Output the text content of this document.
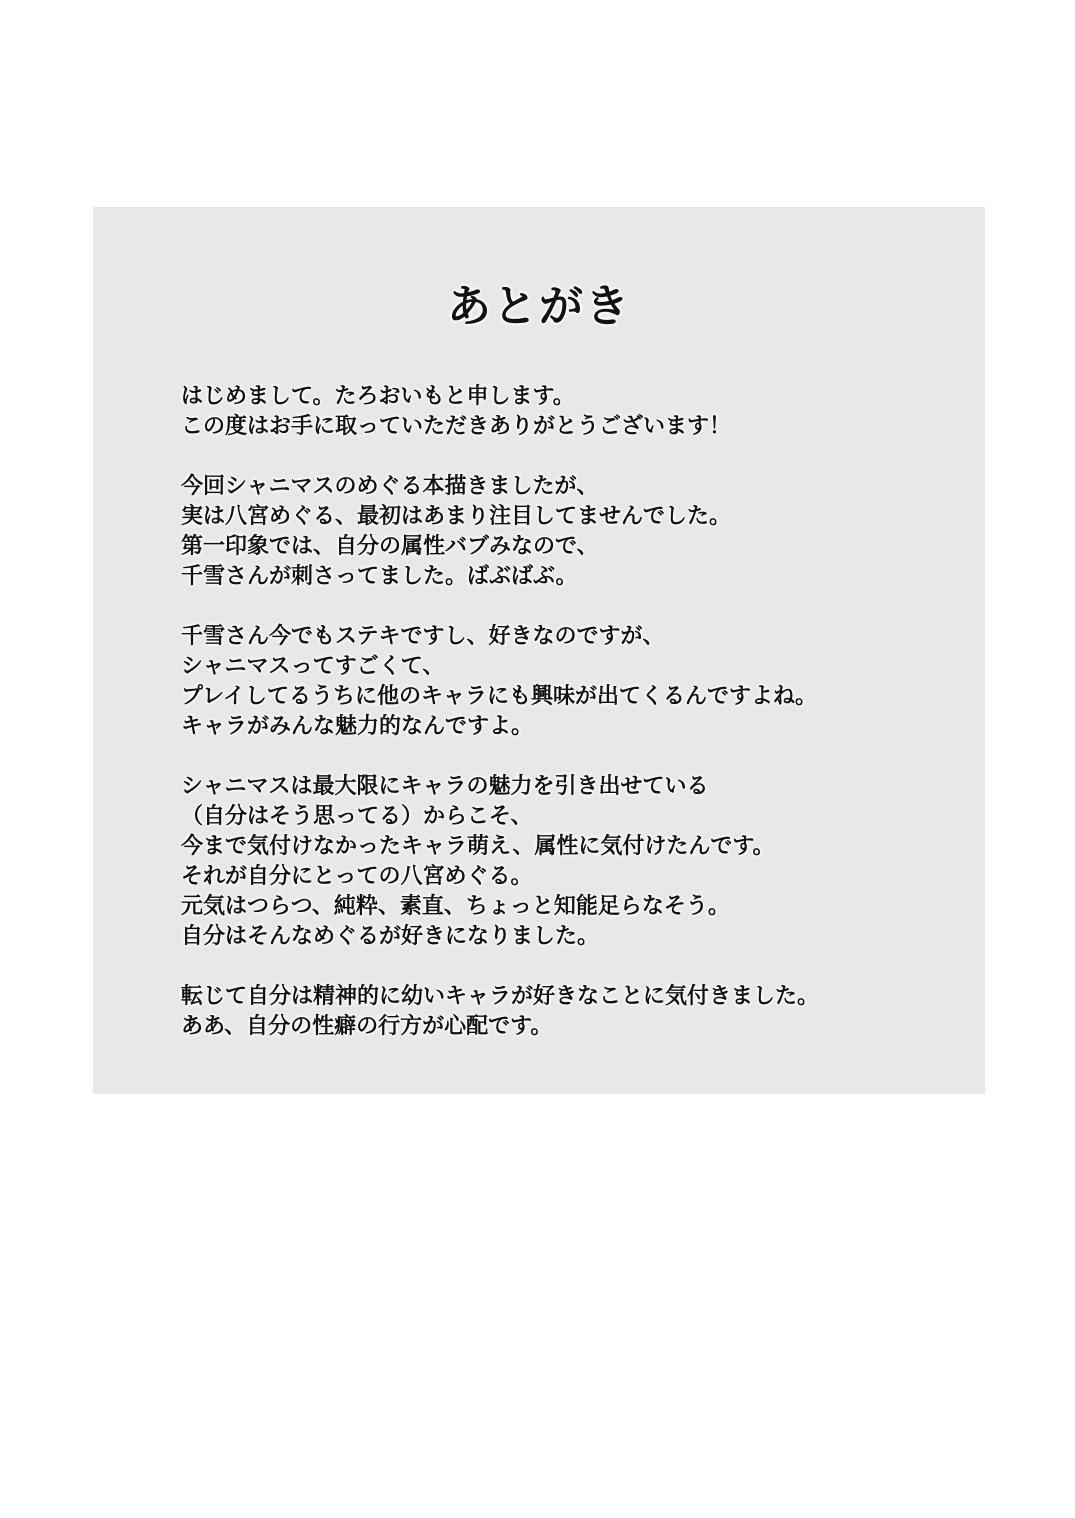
あとがき
はじめまして。たろおいもと申します。
この度はお手に取っていただきありがとうございます！
今回シャニマスのめぐる本描きましたが、
実は八宮めぐる、最初はあまり注目してませんでした。
第一印象では、自分の属性バブみなので、
千雪さんが刺さってました。ばぶばぶ。
千雪さん今でもステキですし、好きなのですが、
シャニマスってすごくて、
プレイしてるうちに他のキャラにも興味が出てくるんですよね。
キャラがみんな魅力的なんですよ。
シャニマスは最大限にキャラの魅力を引き出せている
（自分はそう思ってる）からこそ、
今まで気付けなかったキャラ萌え、属性に気付けたんです。
それが自分にとっての八宮めぐる。
元気はつらつ、純粋、素直、ちょっと知能足らなそう。
自分はそんなめぐるが好きになりました。
転じて自分は精神的に幼いキャラが好きなことに気付きました。
ああ、自分の性癖の行方が心配です。
